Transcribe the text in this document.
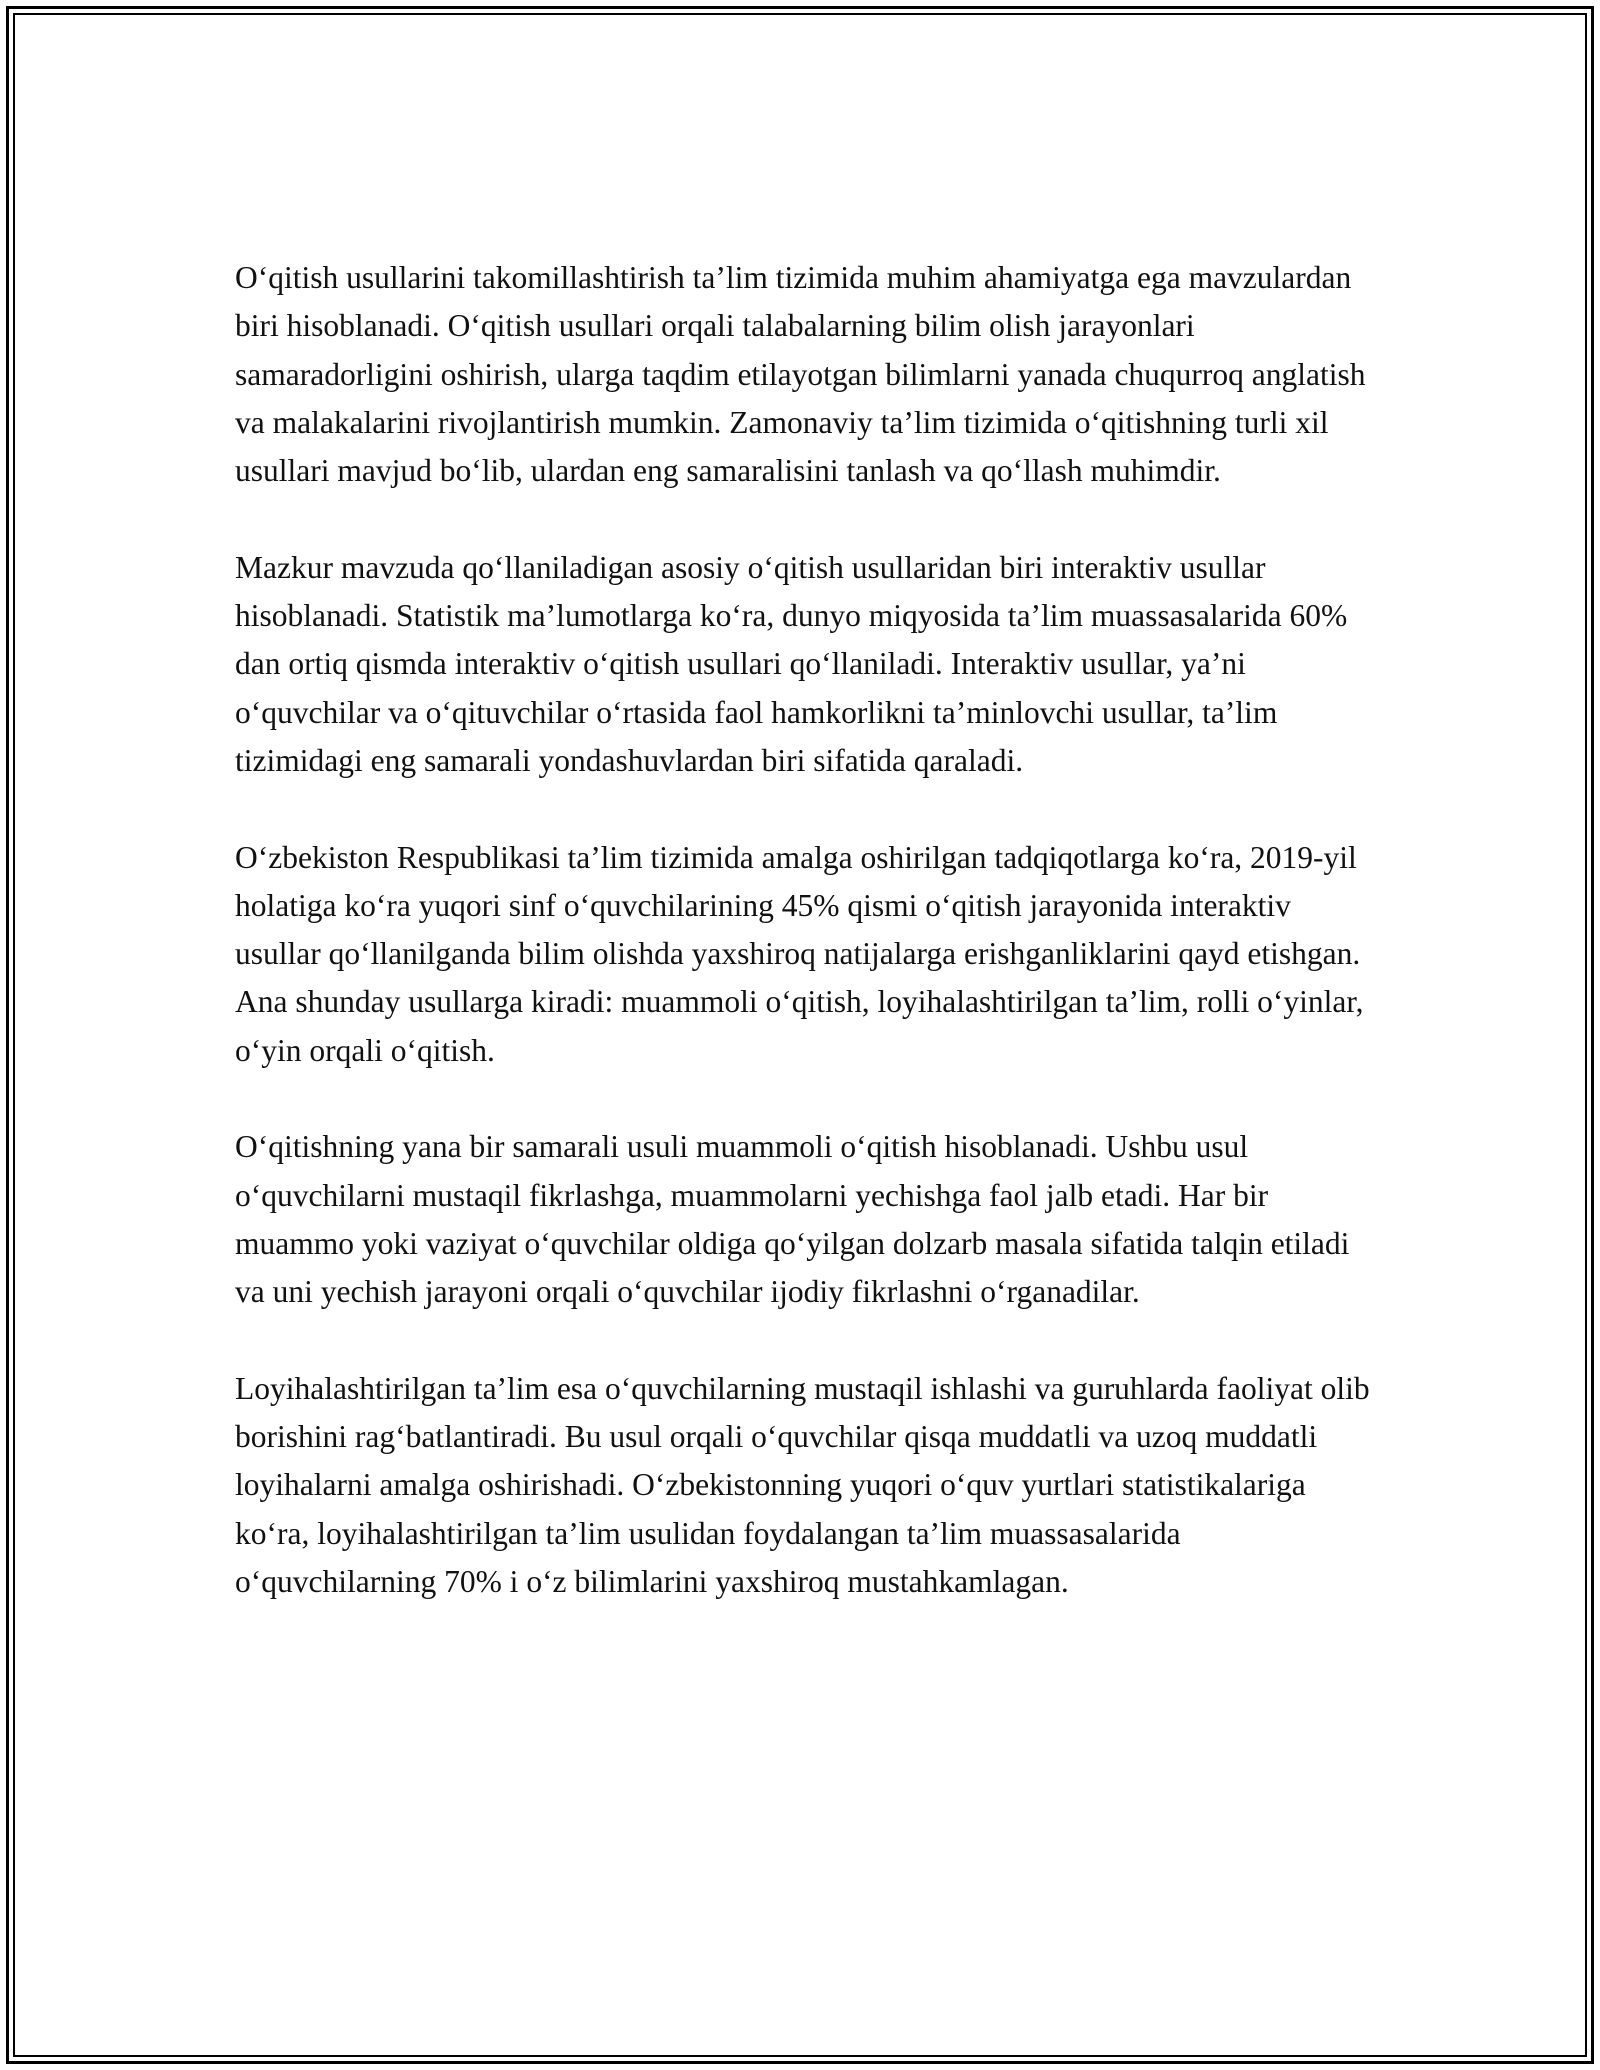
O‘qitish usullarini takomillashtirish ta’lim tizimida muhim ahamiyatga ega mavzulardan biri hisoblanadi. O‘qitish usullari orqali talabalarning bilim olish jarayonlari samaradorligini oshirish, ularga taqdim etilayotgan bilimlarni yanada chuqurroq anglatish va malakalarini rivojlantirish mumkin. Zamonaviy ta’lim tizimida o‘qitishning turli xil usullari mavjud bo‘lib, ulardan eng samaralisini tanlash va qo‘llash muhimdir.

Mazkur mavzuda qo‘llaniladigan asosiy o‘qitish usullaridan biri interaktiv usullar hisoblanadi. Statistik ma’lumotlarga ko‘ra, dunyo miqyosida ta’lim muassasalarida 60% dan ortiq qismda interaktiv o‘qitish usullari qo‘llaniladi. Interaktiv usullar, ya’ni o‘quvchilar va o‘qituvchilar o‘rtasida faol hamkorlikni ta’minlovchi usullar, ta’lim tizimidagi eng samarali yondashuvlardan biri sifatida qaraladi.

O‘zbekiston Respublikasi ta’lim tizimida amalga oshirilgan tadqiqotlarga ko‘ra, 2019-yil holatiga ko‘ra yuqori sinf o‘quvchilarining 45% qismi o‘qitish jarayonida interaktiv usullar qo‘llanilganda bilim olishda yaxshiroq natijalarga erishganliklarini qayd etishgan. Ana shunday usullarga kiradi: muammoli o‘qitish, loyihalashtirilgan ta’lim, rolli o‘yinlar, o‘yin orqali o‘qitish.

O‘qitishning yana bir samarali usuli muammoli o‘qitish hisoblanadi. Ushbu usul o‘quvchilarni mustaqil fikrlashga, muammolarni yechishga faol jalb etadi. Har bir muammo yoki vaziyat o‘quvchilar oldiga qo‘yilgan dolzarb masala sifatida talqin etiladi va uni yechish jarayoni orqali o‘quvchilar ijodiy fikrlashni o‘rganadilar.

Loyihalashtirilgan ta’lim esa o‘quvchilarning mustaqil ishlashi va guruhlarda faoliyat olib borishini rag‘batlantiradi. Bu usul orqali o‘quvchilar qisqa muddatli va uzoq muddatli loyihalarni amalga oshirishadi. O‘zbekistonning yuqori o‘quv yurtlari statistikalariga ko‘ra, loyihalashtirilgan ta’lim usulidan foydalangan ta’lim muassasalarida o‘quvchilarning 70% i o‘z bilimlarini yaxshiroq mustahkamlagan.
